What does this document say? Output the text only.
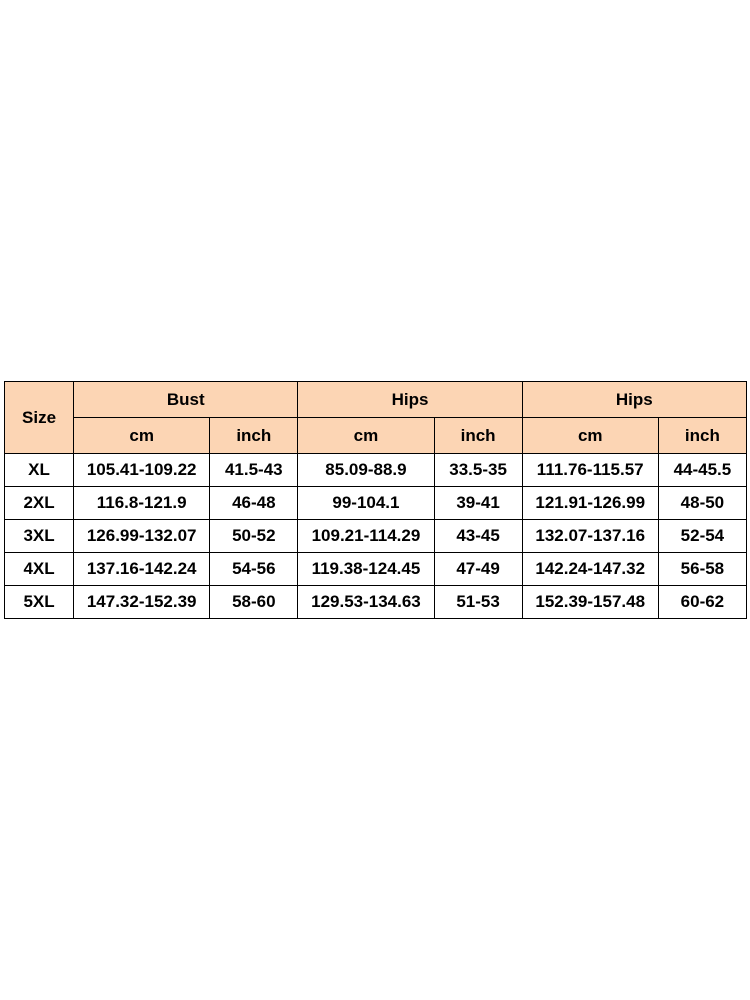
Size	Bust		Hips		Hips	
	cm	inch	cm	inch	cm	inch
XL	105.41-109.22	41.5-43	85.09-88.9	33.5-35	111.76-115.57	44-45.5
2XL	116.8-121.9	46-48	99-104.1	39-41	121.91-126.99	48-50
3XL	126.99-132.07	50-52	109.21-114.29	43-45	132.07-137.16	52-54
4XL	137.16-142.24	54-56	119.38-124.45	47-49	142.24-147.32	56-58
5XL	147.32-152.39	58-60	129.53-134.63	51-53	152.39-157.48	60-62
